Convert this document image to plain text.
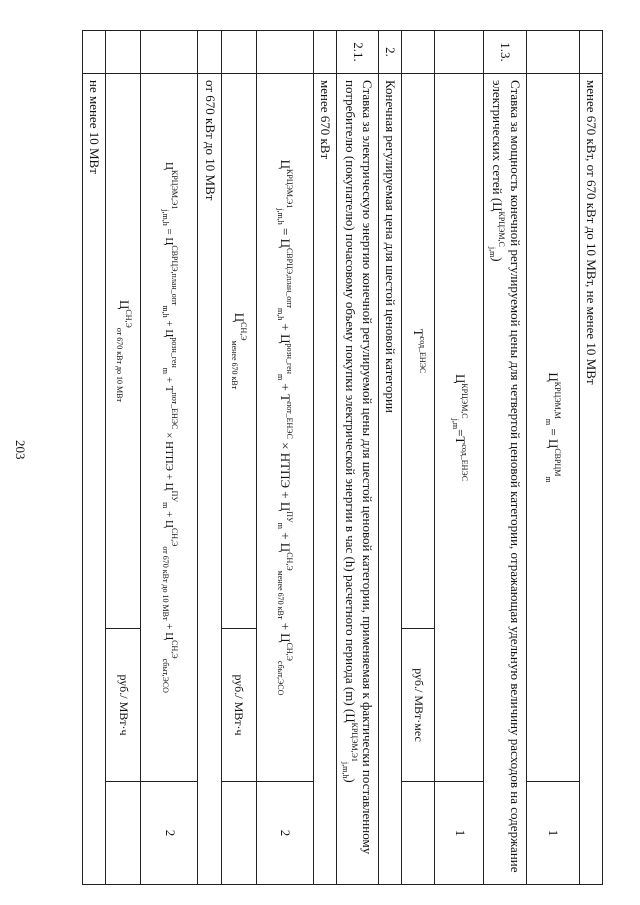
203
	менее 670 кВт, от 670 кВт до 10 МВт, не менее 10 МВт		
	$Ц^{КРЦЭМ,М}_m = Ц^{СВРЦМ}_m$		1
1.3.	Ставка за мощность конечной регулируемой цены для четвертой ценовой категории, отражающая удельную величину расходов на содержание электрических сетей $(Ц^{КРЦЭМ,С}_{j,m})$		
	$Ц^{КРЦЭМ,С}_{j,m}=Т^{сод\_ЕНЭС}$		1
	$Т^{сод\_ЕНЭС}$	руб./ МВт·мес	
2.	Конечная регулируемая цена для шестой ценовой категории		
2.1.	Ставка за электрическую энергию конечной регулируемой цены для шестой ценовой категории, применяемая к фактически поставленному потребителю (покупателю) почасовому объему покупки электрической энергии в час (h) расчетного периода (m) $(Ц^{КРЦЭМ,Э1}_{j,m,h})$		
	менее 670 кВт		
	$Ц^{КРЦЭМ,Э1}_{j,m,h} = Ц^{СВРЦЭ,план\_опт}_{m,h} + Ц^{розн\_ген}_m + Т^{пот\_ЕНЭС}$ × НТПЭ + $Ц^{ПУ}_m + Ц^{СН,Э}_{менее 670 кВт} + Ц^{СН,Э}_{сбыт,ЭСО}$		2
	$Ц^{СН,Э}_{менее 670 кВт}$	руб./ МВт·ч	
	от 670 кВт до 10 МВт		
	$Ц^{КРЦЭМ,Э1}_{j,m,h} = Ц^{СВРЦЭ,план\_опт}_{m,h} + Ц^{розн\_ген}_m + Т^{пот\_ЕНЭС}$ × НТПЭ + $Ц^{ПУ}_m + Ц^{СН,Э}_{от 670 кВт до 10 МВт} + Ц^{СН,Э}_{сбыт,ЭСО}$		2
	$Ц^{СН,Э}_{от 670 кВт до 10 МВт}$	руб./ МВт·ч	
	не менее 10 МВт		
